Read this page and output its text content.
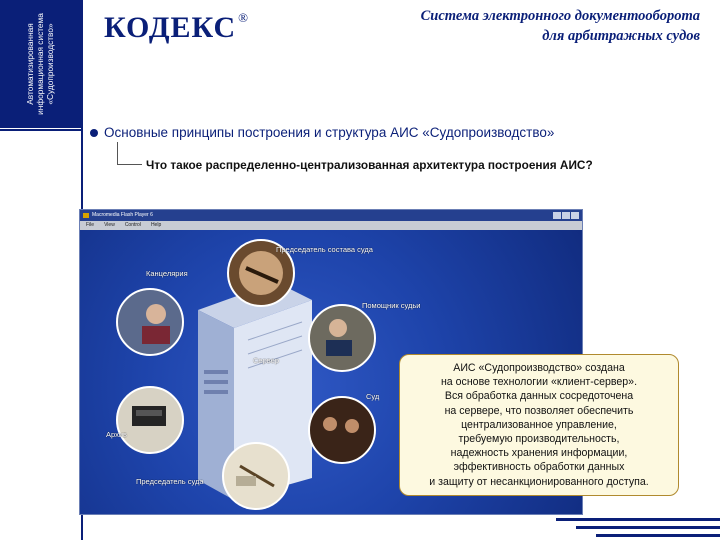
Автоматизированная информационная система «Судопроизводство» КОДЕКС ®	Система электронного документооборота
для арбитражных судов
Основные принципы построения и структура АИС «Судопроизводство»
Что такое распределенно-централизованная архитектура построения АИС?
Macromedia Flash Player 6
File View Control Help
Председатель состава суда
Канцелярия
Помощник судьи
Сервер
Архив
Суд
Председатель суда
АИС «Судопроизводство» создана
на основе технологии «клиент-сервер».
Вся обработка данных сосредоточена
на сервере, что позволяет обеспечить
централизованное управление,
требуемую производительность,
надежность хранения информации,
эффективность обработки данных
и защиту от несанкционированного доступа.
